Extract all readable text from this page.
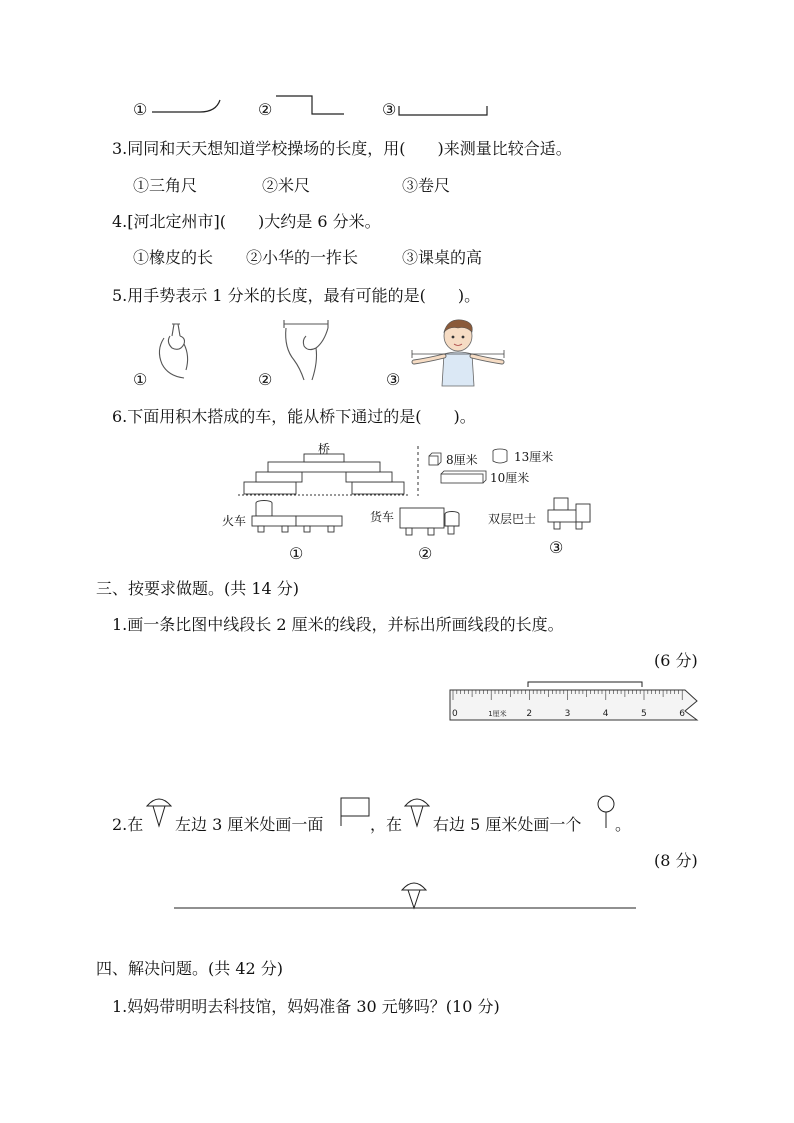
①	②	③
3.同同和天天想知道学校操场的长度，用(　　)来测量比较合适。
①三角尺	②米尺	③卷尺
4.[河北定州市](　　)大约是 6 分米。
①橡皮的长 ②小华的一拃长	③课桌的高
5.用手势表示 1 分米的长度，最有可能的是(　　)。
①	②	③
6.下面用积木搭成的车，能从桥下通过的是(　　)。
桥
8厘米	13厘米
10厘米
火车
①
货车
②
双层巴士
③
三、按要求做题。(共 14 分)
1.画一条比图中线段长 2 厘米的线段，并标出所画线段的长度。
(6 分)
0	1厘米 2	3	4	5	6
2.在 左边 3 厘米处画一面	，在 右边 5 厘米处画一个 。
(8 分)
四、解决问题。(共 42 分)
1.妈妈带明明去科技馆，妈妈准备 30 元够吗？(10 分)
